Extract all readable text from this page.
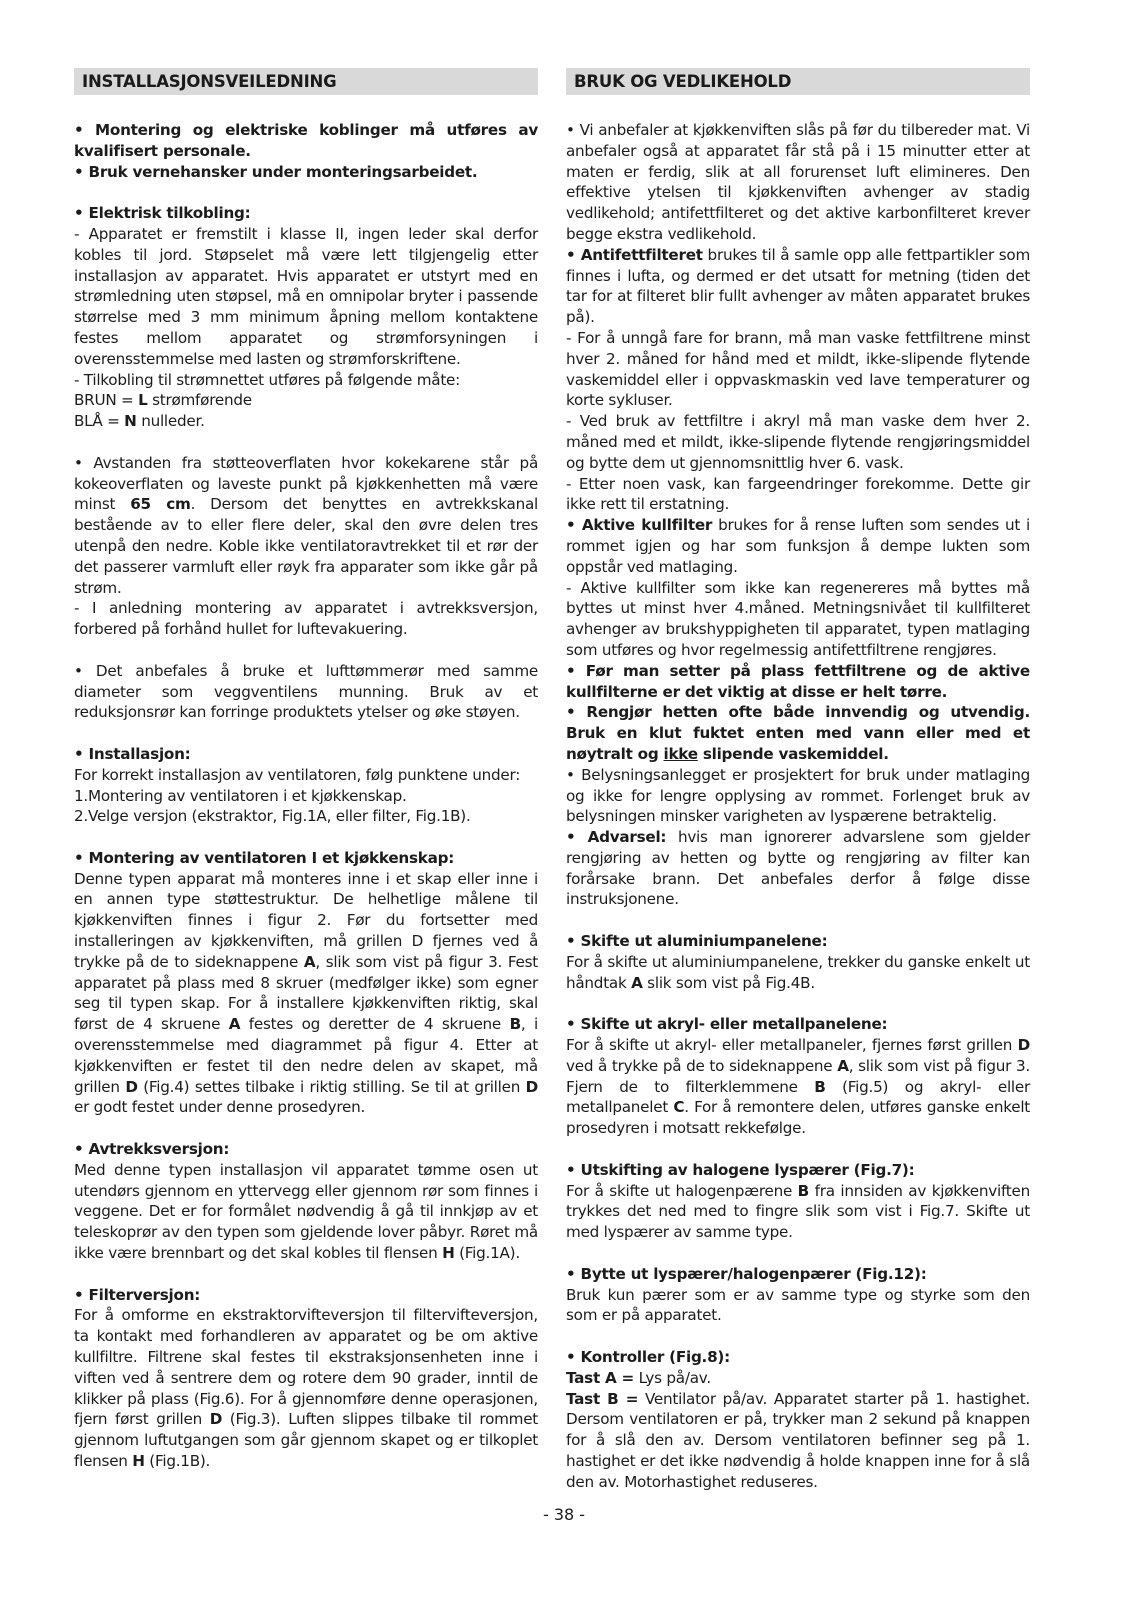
INSTALLASJONSVEILEDNING

• Montering og elektriske koblinger må utføres av kvalifisert personale.

• Bruk vernehansker under monteringsarbeidet.

• Elektrisk tilkobling:

- Apparatet er fremstilt i klasse II, ingen leder skal derfor kobles til jord. Støpselet må være lett tilgjengelig etter installasjon av apparatet. Hvis apparatet er utstyrt med en strømledning uten støpsel, må en omnipolar bryter i passende størrelse med 3 mm minimum åpning mellom kontaktene festes mellom apparatet og strømforsyningen i overensstemmelse med lasten og strømforskriftene.

- Tilkobling til strømnettet utføres på følgende måte:

BRUN = L strømførende

BLÅ = N nulleder.

• Avstanden fra støtteoverflaten hvor kokekarene står på kokeoverflaten og laveste punkt på kjøkkenhetten må være minst 65 cm. Dersom det benyttes en avtrekkskanal bestående av to eller flere deler, skal den øvre delen tres utenpå den nedre. Koble ikke ventilatoravtrekket til et rør der det passerer varmluft eller røyk fra apparater som ikke går på strøm.

- I anledning montering av apparatet i avtrekksversjon, forbered på forhånd hullet for luftevakuering.

• Det anbefales å bruke et lufttømmerør med samme diameter som veggventilens munning. Bruk av et reduksjonsrør kan forringe produktets ytelser og øke støyen.

• Installasjon:

For korrekt installasjon av ventilatoren, følg punktene under:

1.Montering av ventilatoren i et kjøkkenskap.

2.Velge versjon (ekstraktor, Fig.1A, eller filter, Fig.1B).

• Montering av ventilatoren I et kjøkkenskap:

Denne typen apparat må monteres inne i et skap eller inne i en annen type støttestruktur. De helhetlige målene til kjøkkenviften finnes i figur 2. Før du fortsetter med installeringen av kjøkkenviften, må grillen D fjernes ved å trykke på de to sideknappene A, slik som vist på figur 3. Fest apparatet på plass med 8 skruer (medfølger ikke) som egner seg til typen skap. For å installere kjøkkenviften riktig, skal først de 4 skruene A festes og deretter de 4 skruene B, i overensstemmelse med diagrammet på figur 4. Etter at kjøkkenviften er festet til den nedre delen av skapet, må grillen D (Fig.4) settes tilbake i riktig stilling. Se til at grillen D er godt festet under denne prosedyren.

• Avtrekksversjon:

Med denne typen installasjon vil apparatet tømme osen ut utendørs gjennom en yttervegg eller gjennom rør som finnes i veggene. Det er for formålet nødvendig å gå til innkjøp av et teleskoprør av den typen som gjeldende lover påbyr. Røret må ikke være brennbart og det skal kobles til flensen H (Fig.1A).

• Filterversjon:

For å omforme en ekstraktorvifteversjon til filtervifteversjon, ta kontakt med forhandleren av apparatet og be om aktive kullfiltre. Filtrene skal festes til ekstraksjonsenheten inne i viften ved å sentrere dem og rotere dem 90 grader, inntil de klikker på plass (Fig.6). For å gjennomføre denne operasjonen, fjern først grillen D (Fig.3). Luften slippes tilbake til rommet gjennom luftutgangen som går gjennom skapet og er tilkoplet flensen H (Fig.1B).

BRUK OG VEDLIKEHOLD

• Vi anbefaler at kjøkkenviften slås på før du tilbereder mat. Vi anbefaler også at apparatet får stå på i 15 minutter etter at maten er ferdig, slik at all forurenset luft elimineres. Den effektive ytelsen til kjøkkenviften avhenger av stadig vedlikehold; antifettfilteret og det aktive karbonfilteret krever begge ekstra vedlikehold.

• Antifettfilteret brukes til å samle opp alle fettpartikler som finnes i lufta, og dermed er det utsatt for metning (tiden det tar for at filteret blir fullt avhenger av måten apparatet brukes på).

- For å unngå fare for brann, må man vaske fettfiltrene minst hver 2. måned for hånd med et mildt, ikke-slipende flytende vaskemiddel eller i oppvaskmaskin ved lave temperaturer og korte sykluser.

- Ved bruk av fettfiltre i akryl må man vaske dem hver 2. måned med et mildt, ikke-slipende flytende rengjøringsmiddel og bytte dem ut gjennomsnittlig hver 6. vask.

- Etter noen vask, kan fargeendringer forekomme. Dette gir ikke rett til erstatning.

• Aktive kullfilter brukes for å rense luften som sendes ut i rommet igjen og har som funksjon å dempe lukten som oppstår ved matlaging.

- Aktive kullfilter som ikke kan regenereres må byttes må byttes ut minst hver 4.måned. Metningsnivået til kullfilteret avhenger av brukshyppigheten til apparatet, typen matlaging som utføres og hvor regelmessig antifettfiltrene rengjøres.

• Før man setter på plass fettfiltrene og de aktive kullfilterne er det viktig at disse er helt tørre.

• Rengjør hetten ofte både innvendig og utvendig. Bruk en klut fuktet enten med vann eller med et nøytralt og ikke slipende vaskemiddel.

• Belysningsanlegget er prosjektert for bruk under matlaging og ikke for lengre opplysing av rommet. Forlenget bruk av belysningen minsker varigheten av lyspærene betraktelig.

• Advarsel: hvis man ignorerer advarslene som gjelder rengjøring av hetten og bytte og rengjøring av filter kan forårsake brann. Det anbefales derfor å følge disse instruksjonene.

• Skifte ut aluminiumpanelene:

For å skifte ut aluminiumpanelene, trekker du ganske enkelt ut håndtak A slik som vist på Fig.4B.

• Skifte ut akryl- eller metallpanelene:

For å skifte ut akryl- eller metallpaneler, fjernes først grillen D ved å trykke på de to sideknappene A, slik som vist på figur 3. Fjern de to filterklemmene B (Fig.5) og akryl- eller metallpanelet C. For å remontere delen, utføres ganske enkelt prosedyren i motsatt rekkefølge.

• Utskifting av halogene lyspærer (Fig.7):

For å skifte ut halogenpærene B fra innsiden av kjøkkenviften trykkes det ned med to fingre slik som vist i Fig.7. Skifte ut med lyspærer av samme type.

• Bytte ut lyspærer/halogenpærer (Fig.12):

Bruk kun pærer som er av samme type og styrke som den som er på apparatet.

• Kontroller (Fig.8):

Tast A = Lys på/av.

Tast B = Ventilator på/av. Apparatet starter på 1. hastighet. Dersom ventilatoren er på, trykker man 2 sekund på knappen for å slå den av. Dersom ventilatoren befinner seg på 1. hastighet er det ikke nødvendig å holde knappen inne for å slå den av. Motorhastighet reduseres.

- 38 -
